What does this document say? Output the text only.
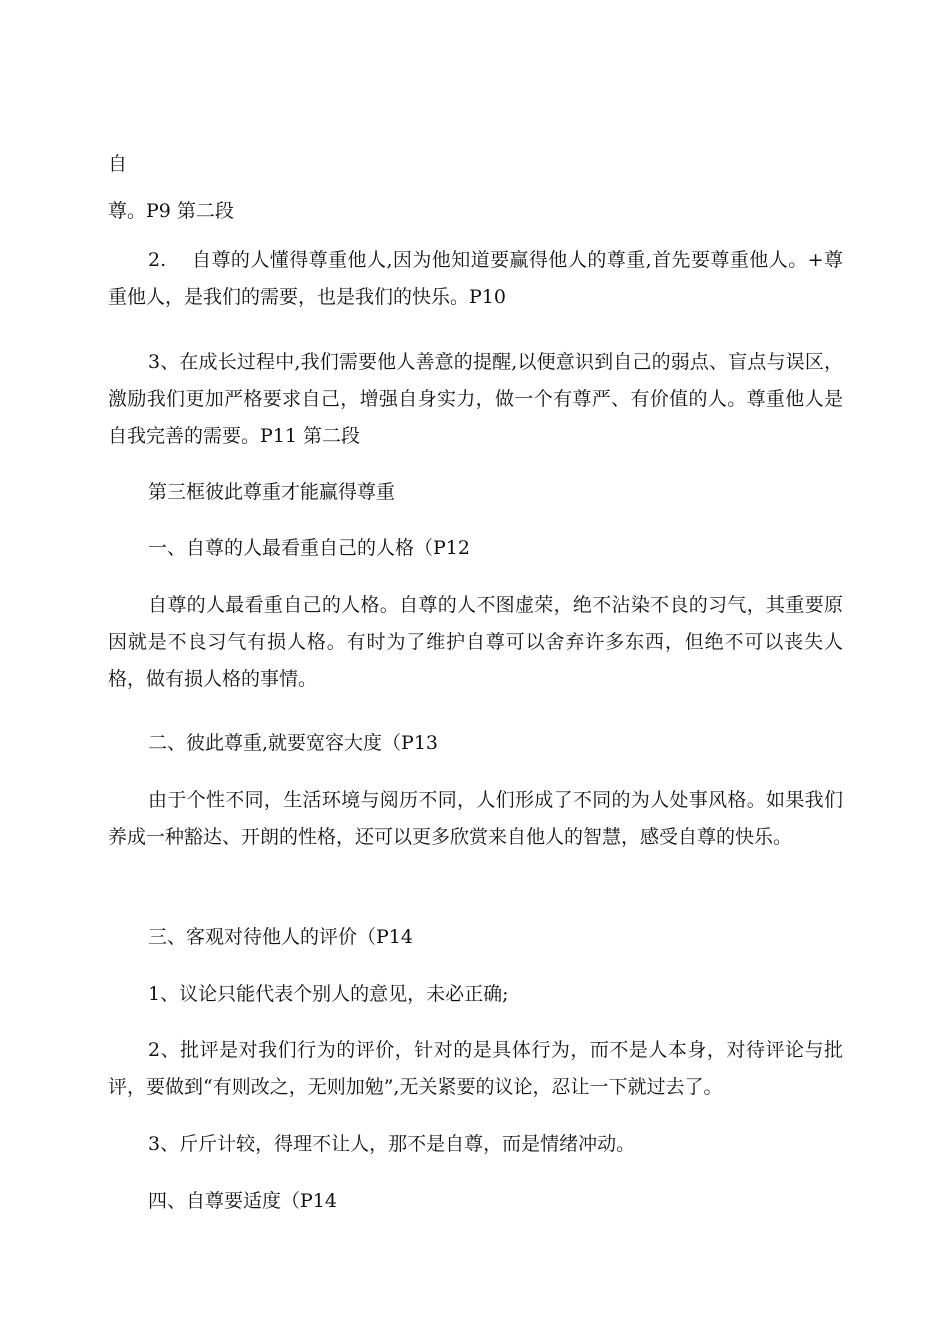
自

尊。P9 第二段

2.    自尊的人懂得尊重他人,因为他知道要赢得他人的尊重,首先要尊重他人。+尊重他人，是我们的需要，也是我们的快乐。P10

3、在成长过程中,我们需要他人善意的提醒,以便意识到自己的弱点、盲点与误区，激励我们更加严格要求自己，增强自身实力，做一个有尊严、有价值的人。尊重他人是自我完善的需要。P11 第二段

第三框彼此尊重才能赢得尊重

一、自尊的人最看重自己的人格（P12

自尊的人最看重自己的人格。自尊的人不图虚荣，绝不沾染不良的习气，其重要原因就是不良习气有损人格。有时为了维护自尊可以舍弃许多东西，但绝不可以丧失人格，做有损人格的事情。

二、彼此尊重,就要宽容大度（P13

由于个性不同，生活环境与阅历不同，人们形成了不同的为人处事风格。如果我们养成一种豁达、开朗的性格，还可以更多欣赏来自他人的智慧，感受自尊的快乐。

三、客观对待他人的评价（P14

1、议论只能代表个别人的意见，未必正确;

2、批评是对我们行为的评价，针对的是具体行为，而不是人本身，对待评论与批评，要做到“有则改之，无则加勉”,无关紧要的议论，忍让一下就过去了。

3、斤斤计较，得理不让人，那不是自尊，而是情绪冲动。

四、自尊要适度（P14
